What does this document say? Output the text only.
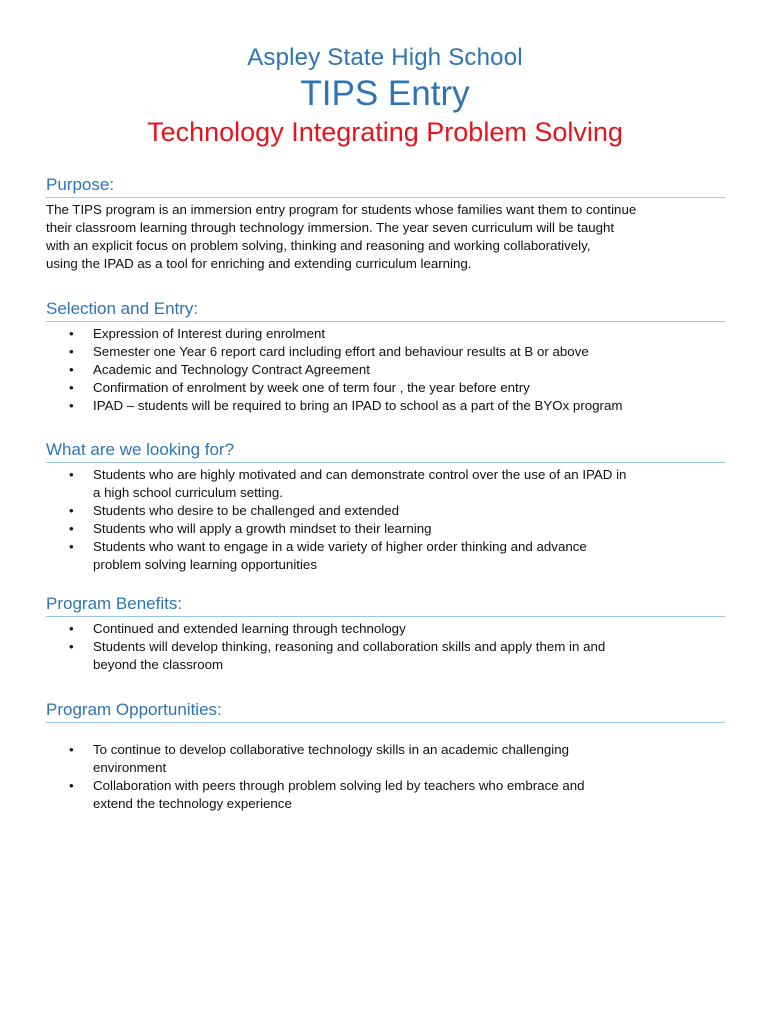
Aspley State High School
TIPS Entry
Technology Integrating Problem Solving
Purpose:

The TIPS program is an immersion entry program for students whose families want them to continue
their classroom learning through technology immersion. The year seven curriculum will be taught
with an explicit focus on problem solving, thinking and reasoning and working collaboratively,
using the IPAD as a tool for enriching and extending curriculum learning.

Selection and Entry:
• Expression of Interest during enrolment
• Semester one Year 6 report card including effort and behaviour results at B or above
• Academic and Technology Contract Agreement
• Confirmation of enrolment by week one of term four , the year before entry
• IPAD – students will be required to bring an IPAD to school as a part of the BYOx program
What are we looking for?
• Students who are highly motivated and can demonstrate control over the use of an IPAD in
a high school curriculum setting.
• Students who desire to be challenged and extended
• Students who will apply a growth mindset to their learning
• Students who want to engage in a wide variety of higher order thinking and advance
problem solving learning opportunities
Program Benefits:
• Continued and extended learning through technology
• Students will develop thinking, reasoning and collaboration skills and apply them in and
beyond the classroom
Program Opportunities:
• To continue to develop collaborative technology skills in an academic challenging
environment
• Collaboration with peers through problem solving led by teachers who embrace and
extend the technology experience
